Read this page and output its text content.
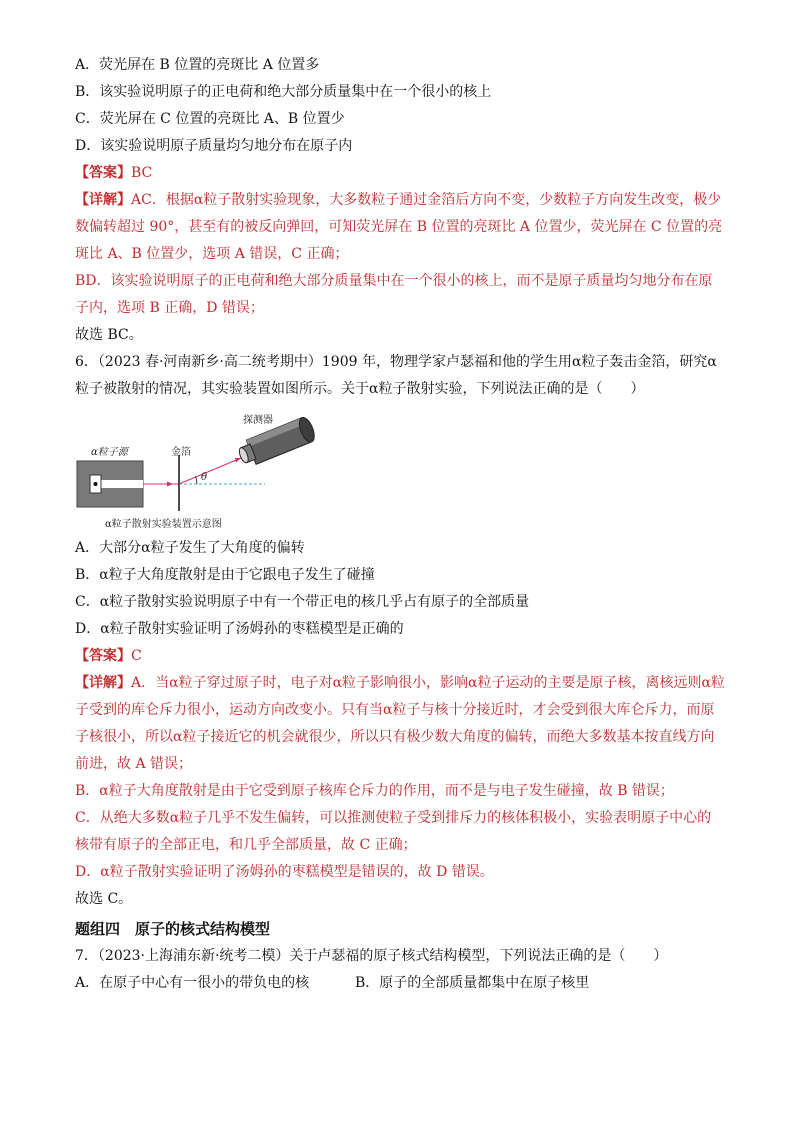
A．荧光屏在 B 位置的亮斑比 A 位置多
B．该实验说明原子的正电荷和绝大部分质量集中在一个很小的核上
C．荧光屏在 C 位置的亮斑比 A、B 位置少
D．该实验说明原子质量均匀地分布在原子内
【答案】BC
【详解】AC．根据α粒子散射实验现象，大多数粒子通过金箔后方向不变，少数粒子方向发生改变，极少数偏转超过 90°，甚至有的被反向弹回，可知荧光屏在 B 位置的亮斑比 A 位置少，荧光屏在 C 位置的亮斑比 A、B 位置少，选项 A 错误，C 正确；
BD．该实验说明原子的正电荷和绝大部分质量集中在一个很小的核上，而不是原子质量均匀地分布在原子内，选项 B 正确，D 错误；
故选 BC。
6．（2023 春·河南新乡·高二统考期中）1909 年，物理学家卢瑟福和他的学生用α粒子轰击金箔，研究α粒子被散射的情况，其实验装置如图所示。关于α粒子散射实验，下列说法正确的是（　　）
α粒子源	金箔
探测器
θ
α粒子散射实验装置示意图
A．大部分α粒子发生了大角度的偏转
B．α粒子大角度散射是由于它跟电子发生了碰撞
C．α粒子散射实验说明原子中有一个带正电的核几乎占有原子的全部质量
D．α粒子散射实验证明了汤姆孙的枣糕模型是正确的
【答案】C
【详解】A．当α粒子穿过原子时，电子对α粒子影响很小，影响α粒子运动的主要是原子核，离核远则α粒子受到的库仑斥力很小，运动方向改变小。只有当α粒子与核十分接近时，才会受到很大库仑斥力，而原子核很小，所以α粒子接近它的机会就很少，所以只有极少数大角度的偏转，而绝大多数基本按直线方向前进，故 A 错误；
B．α粒子大角度散射是由于它受到原子核库仑斥力的作用，而不是与电子发生碰撞，故 B 错误；
C．从绝大多数α粒子几乎不发生偏转，可以推测使粒子受到排斥力的核体积极小，实验表明原子中心的核带有原子的全部正电，和几乎全部质量，故 C 正确；
D．α粒子散射实验证明了汤姆孙的枣糕模型是错误的，故 D 错误。
故选 C。
题组四　原子的核式结构模型
7．（2023·上海浦东新·统考二模）关于卢瑟福的原子核式结构模型，下列说法正确的是（　　）
A．在原子中心有一很小的带负电的核	B．原子的全部质量都集中在原子核里
